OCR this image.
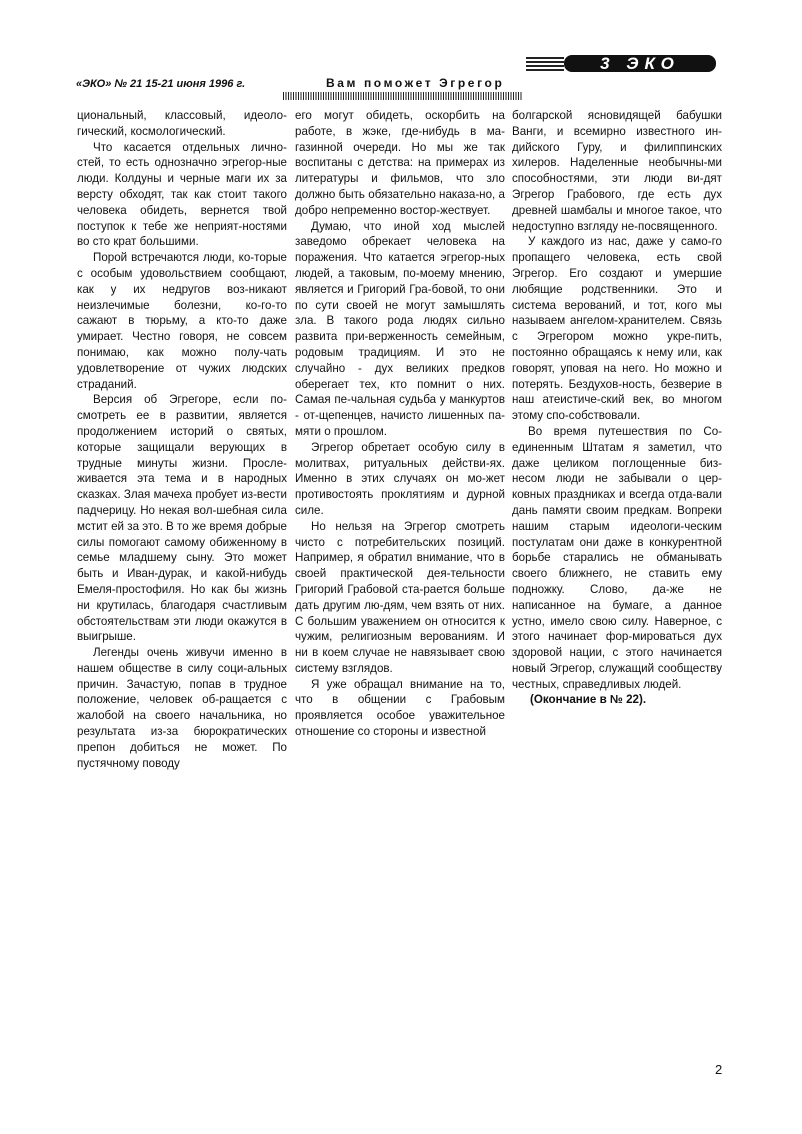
3 ЭКО
«ЭКО» № 21 15-21 июня 1996 г.	Вам поможет Эгрегор

циональный, классовый, идеоло-гический, космологический.

Что касается отдельных лично-стей, то есть однозначно эгрегор-ные люди. Колдуны и черные маги их за версту обходят, так как стоит такого человека обидеть, вернется твой поступок к тебе же неприят-ностями во сто крат большими.

Порой встречаются люди, ко-торые с особым удовольствием сообщают, как у их недругов воз-никают неизлечимые болезни, ко-го-то сажают в тюрьму, а кто-то даже умирает. Честно говоря, не совсем понимаю, как можно полу-чать удовлетворение от чужих людских страданий.

Версия об Эгрегоре, если по-смотреть ее в развитии, является продолжением историй о святых, которые защищали верующих в трудные минуты жизни. Просле-живается эта тема и в народных сказках. Злая мачеха пробует из-вести падчерицу. Но некая вол-шебная сила мстит ей за это. В то же время добрые силы помогают самому обиженному в семье младшему сыну. Это может быть и Иван-дурак, и какой-нибудь Емеля-простофиля. Но как бы жизнь ни крутилась, благодаря счастливым обстоятельствам эти люди окажутся в выигрыше.

Легенды очень живучи именно в нашем обществе в силу соци-альных причин. Зачастую, попав в трудное положение, человек об-ращается с жалобой на своего начальника, но результата из-за бюрократических препон добиться не может. По пустячному поводу

его могут обидеть, оскорбить на работе, в жэке, где-нибудь в ма-газинной очереди. Но мы же так воспитаны с детства: на примерах из литературы и фильмов, что зло должно быть обязательно наказа-но, а добро непременно востор-жествует.

Думаю, что иной ход мыслей заведомо обрекает человека на поражения. Что катается эгрегор-ных людей, а таковым, по-моему мнению, является и Григорий Гра-бовой, то они по сути своей не могут замышлять зла. В такого рода людях сильно развита при-верженность семейным, родовым традициям. И это не случайно - дух великих предков оберегает тех, кто помнит о них. Самая пе-чальная судьба у манкуртов - от-щепенцев, начисто лишенных па-мяти о прошлом.

Эгрегор обретает особую силу в молитвах, ритуальных действи-ях. Именно в этих случаях он мо-жет противостоять проклятиям и дурной силе.

Но нельзя на Эгрегор смотреть чисто с потребительских позиций. Например, я обратил внимание, что в своей практической дея-тельности Григорий Грабовой ста-рается больше дать другим лю-дям, чем взять от них. С большим уважением он относится к чужим, религиозным верованиям. И ни в коем случае не навязывает свою систему взглядов.

Я уже обращал внимание на то, что в общении с Грабовым проявляется особое уважительное отношение со стороны и известной

болгарской ясновидящей бабушки Ванги, и всемирно известного ин-дийского Гуру, и филиппинских хилеров. Наделенные необычны-ми способностями, эти люди ви-дят Эгрегор Грабового, где есть дух древней шамбалы и многое такое, что недоступно взгляду не-посвященного.

У каждого из нас, даже у само-го пропащего человека, есть свой Эгрегор. Его создают и умершие любящие родственники. Это и система верований, и тот, кого мы называем ангелом-хранителем. Связь с Эгрегором можно укре-пить, постоянно обращаясь к нему или, как говорят, уповая на него. Но можно и потерять. Бездухов-ность, безверие в наш атеистиче-ский век, во многом этому спо-собствовали.

Во время путешествия по Со-единенным Штатам я заметил, что даже целиком поглощенные биз-несом люди не забывали о цер-ковных праздниках и всегда отда-вали дань памяти своим предкам. Вопреки нашим старым идеологи-ческим постулатам они даже в конкурентной борьбе старались не обманывать своего ближнего, не ставить ему подножку. Слово, да-же не написанное на бумаге, а данное устно, имело свою силу. Наверное, с этого начинает фор-мироваться дух здоровой нации, с этого начинается новый Эгрегор, служащий сообществу честных, справедливых людей.

(Окончание в № 22).

2
